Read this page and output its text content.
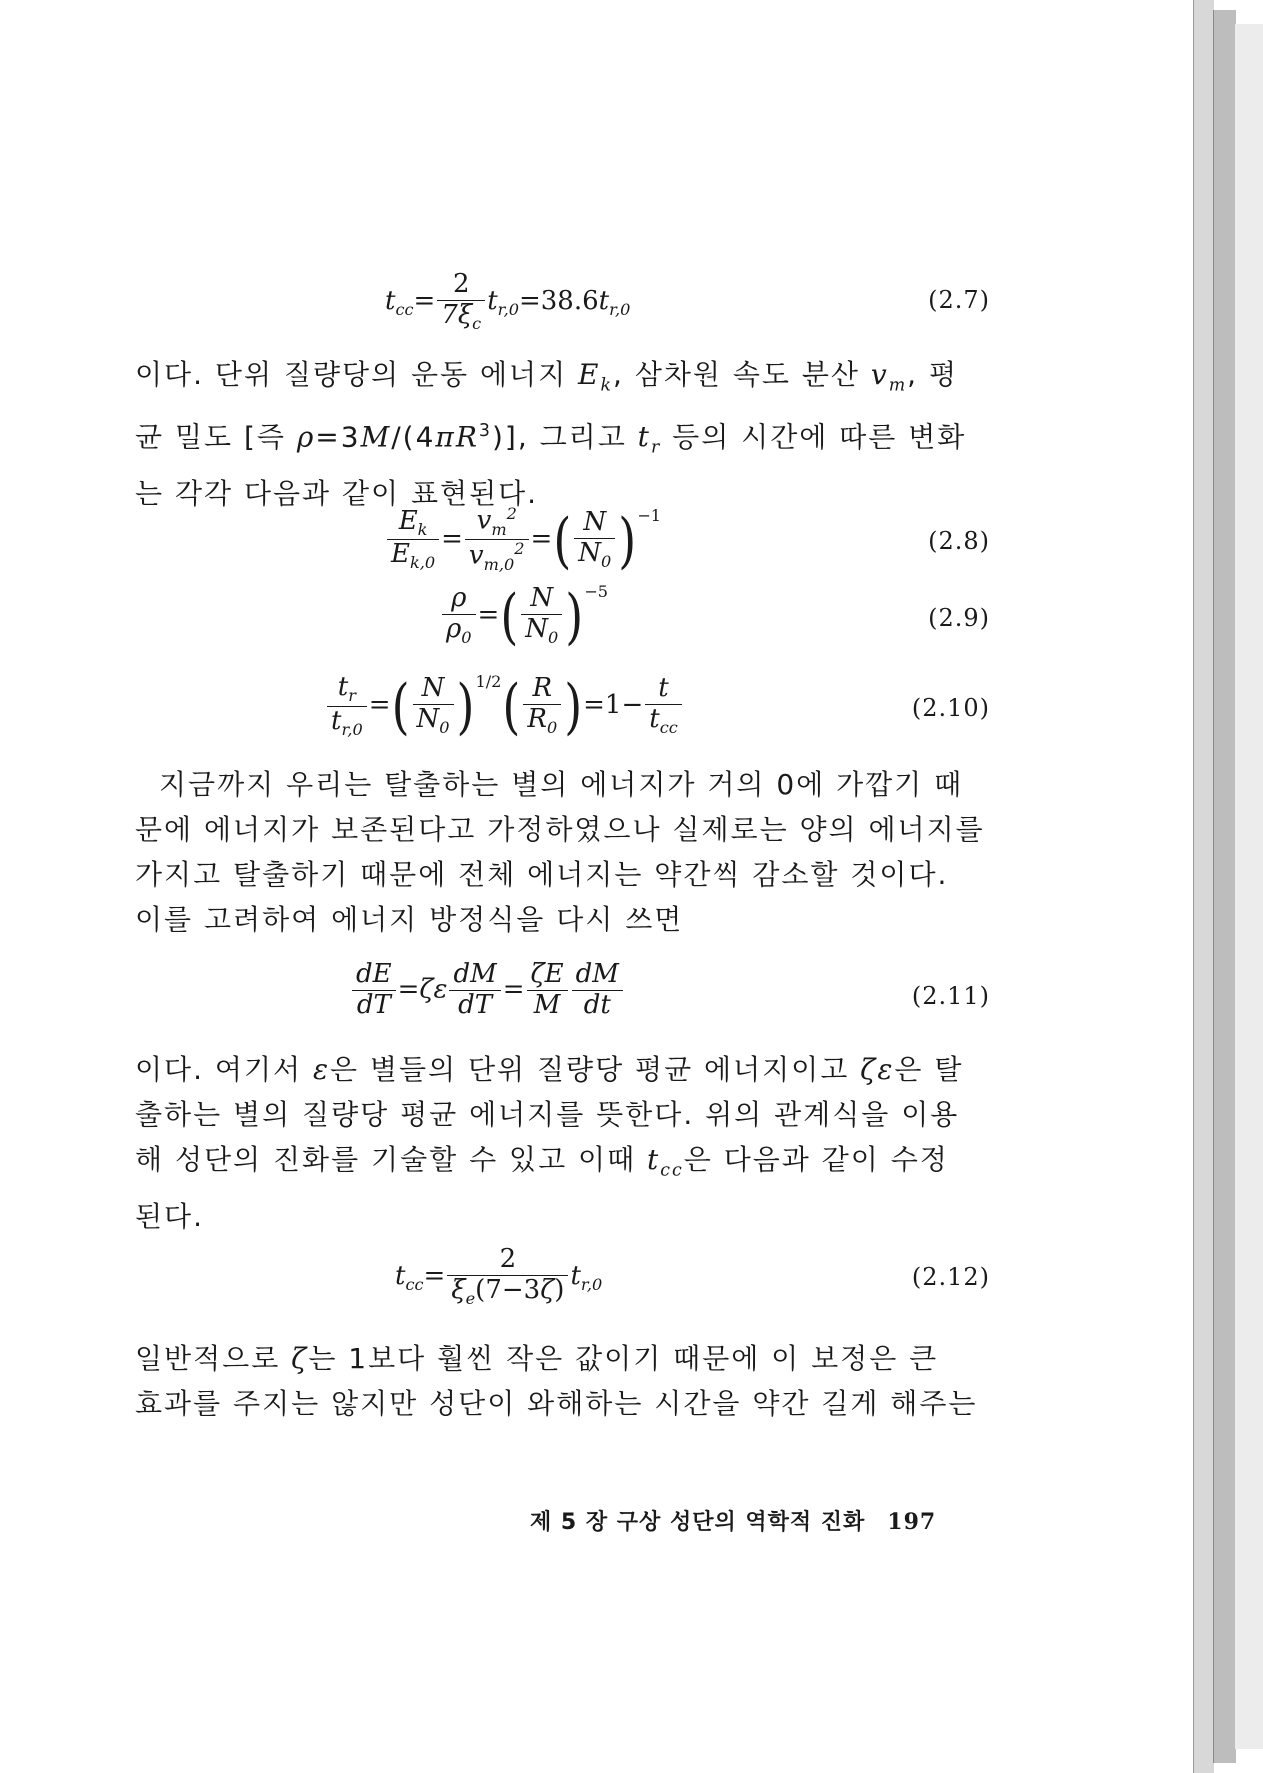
$t_{cc}= \frac{2}{7\xi_c} t_{r,0}=38.6t_{r,0}$	(2.7)
이다. 단위 질량당의 운동 에너지 $E_k$, 삼차원 속도 분산 $v_m$, 평
균 밀도 [즉 $\rho=3M/(4\pi R^3)$], 그리고 $t_r$ 등의 시간에 따른 변화
는 각각 다음과 같이 표현된다.
$\frac{E_k}{E_{k,0}} = \frac{v_m^2}{v_{m,0}^2}$ =( $\frac{N}{N_0} )^{-1}$
(2.8)
$\frac{\rho}{\rho_0}$ =( $\frac{N}{N_0} )^{-5}$
(2.9)
$\frac{t_r}{t_{r,0}}$ =( $\frac{N}{N_0} )^{1/2}( \frac{R}{R_0} )=1- \frac{t}{t_{cc}}$	(2.10)
지금까지 우리는 탈출하는 별의 에너지가 거의 0에 가깝기 때
문에 에너지가 보존된다고 가정하였으나 실제로는 양의 에너지를
가지고 탈출하기 때문에 전체 에너지는 약간씩 감소할 것이다.
이를 고려하여 에너지 방정식을 다시 쓰면
$\frac{dE}{dT} =\zeta\varepsilon \frac{dM}{dT} = \frac{\zeta E}{M} \frac{dM}{dt}$	(2.11)
이다. 여기서 ε은 별들의 단위 질량당 평균 에너지이고 ζε은 탈
출하는 별의 질량당 평균 에너지를 뜻한다. 위의 관계식을 이용
해 성단의 진화를 기술할 수 있고 이때 $t_{cc}$은 다음과 같이 수정
된다.
$t_{cc}= \frac{2}{\xi_e(7-3\zeta)} t_{r,0}$	(2.12)
일반적으로 ζ는 1보다 훨씬 작은 값이기 때문에 이 보정은 큰
효과를 주지는 않지만 성단이 와해하는 시간을 약간 길게 해주는
제 5 장 구상 성단의 역학적 진화 197
